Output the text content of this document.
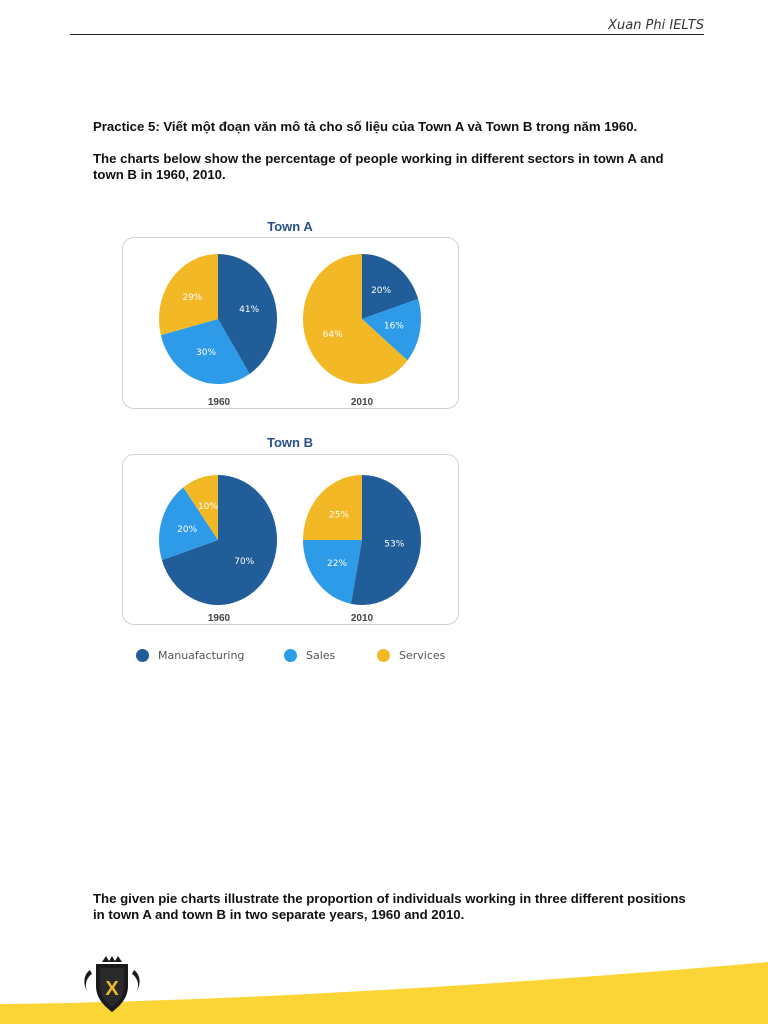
Xuan Phi IELTS

Practice 5: Viết một đoạn văn mô tả cho số liệu của Town A và Town B trong năm 1960.

The charts below show the percentage of people working in different sectors in town A and town B in 1960, 2010.

Town A
41%
30%
29%
20%
16%
64%
1960	2010
Town B
70%
20%
10%
53%
22%
25%
1960	2010
Manuafacturing	Sales	Services

The given pie charts illustrate the proportion of individuals working in three different positions in town A and town B in two separate years, 1960 and 2010.

X
